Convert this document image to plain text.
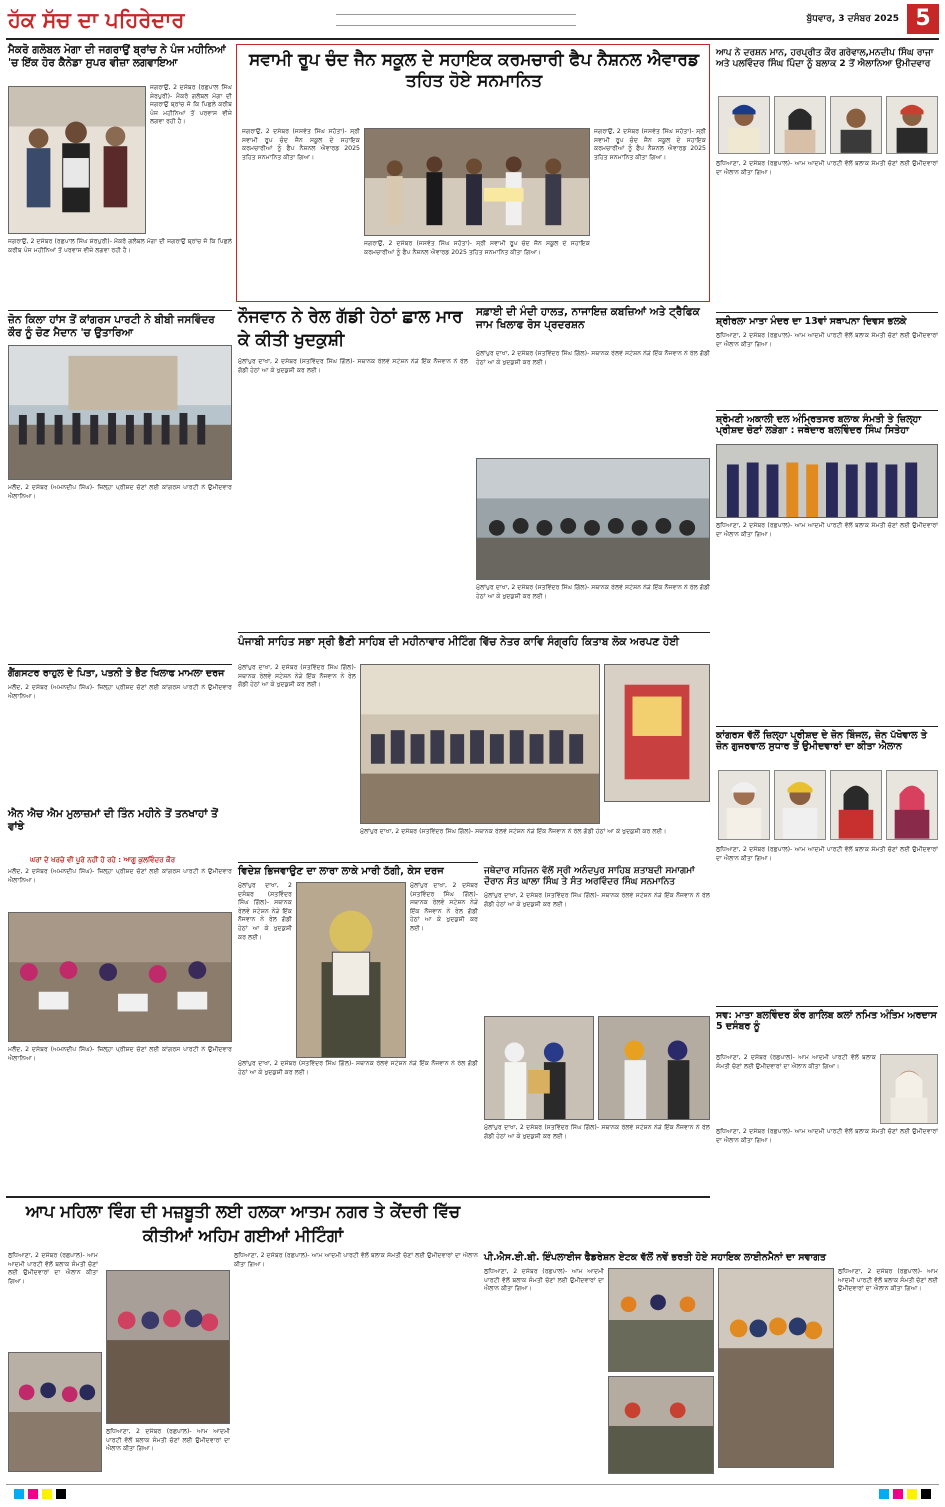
ਹੱਕ ਸੱਚ ਦਾ ਪਹਿਰੇਦਾਰ	ਬੁੱਧਵਾਰ, 3 ਦਸੰਬਰ 2025 5
ਮੈਕਰੋ ਗਲੋਬਲ ਮੋਗਾ ਦੀ ਜਗਰਾਉਂ ਬ੍ਰਾਂਚ ਨੇ ਪੰਜ ਮਹੀਨਿਆਂ 'ਚ ਇੱਕ ਹੋਰ ਕੈਨੇਡਾ ਸੁਪਰ ਵੀਜ਼ਾ ਲਗਵਾਇਆ
ਜਗਰਾਉਂ, 2 ਦਸੰਬਰ (ਰਛਪਾਲ ਸਿੰਘ ਸ਼ੇਰਪੁਰੀ)- ਮੈਕਰੋ ਗਲੋਬਲ ਮੋਗਾ ਦੀ ਜਗਰਾਉਂ ਬ੍ਰਾਂਚ ਜੋ ਕਿ ਪਿਛਲੇ ਕਰੀਬ ਪੰਜ ਮਹੀਨਿਆਂ ਤੋਂ ਪਰਵਾਸ ਵੀਜ਼ੇ ਲਗਵਾ ਰਹੀ ਹੈ।
ਜਗਰਾਉਂ, 2 ਦਸੰਬਰ (ਰਛਪਾਲ ਸਿੰਘ ਸ਼ੇਰਪੁਰੀ)- ਮੈਕਰੋ ਗਲੋਬਲ ਮੋਗਾ ਦੀ ਜਗਰਾਉਂ ਬ੍ਰਾਂਚ ਜੋ ਕਿ ਪਿਛਲੇ ਕਰੀਬ ਪੰਜ ਮਹੀਨਿਆਂ ਤੋਂ ਪਰਵਾਸ ਵੀਜ਼ੇ ਲਗਵਾ ਰਹੀ ਹੈ।
ਜ਼ੋਨ ਕਿਲਾ ਹਾਂਸ ਤੋਂ ਕਾਂਗਰਸ ਪਾਰਟੀ ਨੇ ਬੀਬੀ ਜਸਵਿੰਦਰ ਕੌਰ ਨੂੰ ਚੋਣ ਮੈਦਾਨ 'ਚ ਉਤਾਰਿਆ
ਮਲੌਦ, 2 ਦਸੰਬਰ (ਅਮਨਦੀਪ ਸਿੰਘ)- ਜ਼ਿਲ੍ਹਾ ਪ੍ਰੀਸ਼ਦ ਚੋਣਾਂ ਲਈ ਕਾਂਗਰਸ ਪਾਰਟੀ ਨੇ ਉਮੀਦਵਾਰ ਐਲਾਨਿਆ।
ਗੈਂਗਸਟਰ ਰਾਹੁਲ ਦੇ ਪਿਤਾ, ਪਤਨੀ ਤੇ ਭੈਣ ਖਿਲਾਫ ਮਾਮਲਾ ਦਰਜ
ਮਲੌਦ, 2 ਦਸੰਬਰ (ਅਮਨਦੀਪ ਸਿੰਘ)- ਜ਼ਿਲ੍ਹਾ ਪ੍ਰੀਸ਼ਦ ਚੋਣਾਂ ਲਈ ਕਾਂਗਰਸ ਪਾਰਟੀ ਨੇ ਉਮੀਦਵਾਰ ਐਲਾਨਿਆ।
ਐਨ ਐਚ ਐਮ ਮੁਲਾਜ਼ਮਾਂ ਦੀ ਤਿੰਨ ਮਹੀਨੇ ਤੋਂ ਤਨਖਾਹਾਂ ਤੋਂ ਵਾਂਝੇ
ਘਰਾਂ ਦੇ ਖਰਚੇ ਵੀ ਪੂਰੇ ਨਹੀਂ ਹੋ ਰਹੇ : ਆਗੂ ਕੁਲਵਿੰਦਰ ਕੌਰ
ਮਲੌਦ, 2 ਦਸੰਬਰ (ਅਮਨਦੀਪ ਸਿੰਘ)- ਜ਼ਿਲ੍ਹਾ ਪ੍ਰੀਸ਼ਦ ਚੋਣਾਂ ਲਈ ਕਾਂਗਰਸ ਪਾਰਟੀ ਨੇ ਉਮੀਦਵਾਰ ਐਲਾਨਿਆ।
ਮਲੌਦ, 2 ਦਸੰਬਰ (ਅਮਨਦੀਪ ਸਿੰਘ)- ਜ਼ਿਲ੍ਹਾ ਪ੍ਰੀਸ਼ਦ ਚੋਣਾਂ ਲਈ ਕਾਂਗਰਸ ਪਾਰਟੀ ਨੇ ਉਮੀਦਵਾਰ ਐਲਾਨਿਆ।
ਸਵਾਮੀ ਰੂਪ ਚੰਦ ਜੈਨ ਸਕੂਲ ਦੇ ਸਹਾਇਕ ਕਰਮਚਾਰੀ ਫੈਪ ਨੈਸ਼ਨਲ ਐਵਾਰਡ ਤਹਿਤ ਹੋਏ ਸਨਮਾਨਿਤ
ਜਗਰਾਉਂ, 2 ਦਸੰਬਰ (ਜਸਵੰਤ ਸਿੰਘ ਸਹੋਤਾ)- ਸ੍ਰੀ ਸਵਾਮੀ ਰੂਪ ਚੰਦ ਜੈਨ ਸਕੂਲ ਦੇ ਸਹਾਇਕ ਕਰਮਚਾਰੀਆਂ ਨੂੰ ਫੈਪ ਨੈਸ਼ਨਲ ਐਵਾਰਡ 2025 ਤਹਿਤ ਸਨਮਾਨਿਤ ਕੀਤਾ ਗਿਆ।
ਜਗਰਾਉਂ, 2 ਦਸੰਬਰ (ਜਸਵੰਤ ਸਿੰਘ ਸਹੋਤਾ)- ਸ੍ਰੀ ਸਵਾਮੀ ਰੂਪ ਚੰਦ ਜੈਨ ਸਕੂਲ ਦੇ ਸਹਾਇਕ ਕਰਮਚਾਰੀਆਂ ਨੂੰ ਫੈਪ ਨੈਸ਼ਨਲ ਐਵਾਰਡ 2025 ਤਹਿਤ ਸਨਮਾਨਿਤ ਕੀਤਾ ਗਿਆ।
ਜਗਰਾਉਂ, 2 ਦਸੰਬਰ (ਜਸਵੰਤ ਸਿੰਘ ਸਹੋਤਾ)- ਸ੍ਰੀ ਸਵਾਮੀ ਰੂਪ ਚੰਦ ਜੈਨ ਸਕੂਲ ਦੇ ਸਹਾਇਕ ਕਰਮਚਾਰੀਆਂ ਨੂੰ ਫੈਪ ਨੈਸ਼ਨਲ ਐਵਾਰਡ 2025 ਤਹਿਤ ਸਨਮਾਨਿਤ ਕੀਤਾ ਗਿਆ।
ਨੌਜਵਾਨ ਨੇ ਰੇਲ ਗੱਡੀ ਹੇਠਾਂ ਛਾਲ ਮਾਰ ਕੇ ਕੀਤੀ ਖੁਦਕੁਸ਼ੀ
ਮੁੱਲਾਂਪੁਰ ਦਾਖਾ, 2 ਦਸੰਬਰ (ਸਤਵਿੰਦਰ ਸਿੰਘ ਗਿੱਲ)- ਸਥਾਨਕ ਰੇਲਵੇ ਸਟੇਸ਼ਨ ਨੇੜੇ ਇੱਕ ਨੌਜਵਾਨ ਨੇ ਰੇਲ ਗੱਡੀ ਹੇਠਾਂ ਆ ਕੇ ਖੁਦਕੁਸ਼ੀ ਕਰ ਲਈ।
ਸਫ਼ਾਈ ਦੀ ਮੰਦੀ ਹਾਲਤ, ਨਾਜਾਇਜ਼ ਕਬਜ਼ਿਆਂ ਅਤੇ ਟ੍ਰੈਫਿਕ ਜਾਮ ਖਿਲਾਫ ਰੋਸ ਪ੍ਰਦਰਸ਼ਨ
ਮੁੱਲਾਂਪੁਰ ਦਾਖਾ, 2 ਦਸੰਬਰ (ਸਤਵਿੰਦਰ ਸਿੰਘ ਗਿੱਲ)- ਸਥਾਨਕ ਰੇਲਵੇ ਸਟੇਸ਼ਨ ਨੇੜੇ ਇੱਕ ਨੌਜਵਾਨ ਨੇ ਰੇਲ ਗੱਡੀ ਹੇਠਾਂ ਆ ਕੇ ਖੁਦਕੁਸ਼ੀ ਕਰ ਲਈ।
ਮੁੱਲਾਂਪੁਰ ਦਾਖਾ, 2 ਦਸੰਬਰ (ਸਤਵਿੰਦਰ ਸਿੰਘ ਗਿੱਲ)- ਸਥਾਨਕ ਰੇਲਵੇ ਸਟੇਸ਼ਨ ਨੇੜੇ ਇੱਕ ਨੌਜਵਾਨ ਨੇ ਰੇਲ ਗੱਡੀ ਹੇਠਾਂ ਆ ਕੇ ਖੁਦਕੁਸ਼ੀ ਕਰ ਲਈ।
ਪੰਜਾਬੀ ਸਾਹਿਤ ਸਭਾ ਸ੍ਰੀ ਭੈਣੀ ਸਾਹਿਬ ਦੀ ਮਹੀਨਾਵਾਰ ਮੀਟਿੰਗ ਵਿੱਚ ਨੇਤਰ ਕਾਵਿ ਸੰਗ੍ਰਹਿ ਕਿਤਾਬ ਲੋਕ ਅਰਪਣ ਹੋਈ
ਮੁੱਲਾਂਪੁਰ ਦਾਖਾ, 2 ਦਸੰਬਰ (ਸਤਵਿੰਦਰ ਸਿੰਘ ਗਿੱਲ)- ਸਥਾਨਕ ਰੇਲਵੇ ਸਟੇਸ਼ਨ ਨੇੜੇ ਇੱਕ ਨੌਜਵਾਨ ਨੇ ਰੇਲ ਗੱਡੀ ਹੇਠਾਂ ਆ ਕੇ ਖੁਦਕੁਸ਼ੀ ਕਰ ਲਈ।
ਮੁੱਲਾਂਪੁਰ ਦਾਖਾ, 2 ਦਸੰਬਰ (ਸਤਵਿੰਦਰ ਸਿੰਘ ਗਿੱਲ)- ਸਥਾਨਕ ਰੇਲਵੇ ਸਟੇਸ਼ਨ ਨੇੜੇ ਇੱਕ ਨੌਜਵਾਨ ਨੇ ਰੇਲ ਗੱਡੀ ਹੇਠਾਂ ਆ ਕੇ ਖੁਦਕੁਸ਼ੀ ਕਰ ਲਈ।
ਵਿਦੇਸ਼ ਭਿਜਵਾਉਣ ਦਾ ਲਾਰਾ ਲਾਕੇ ਮਾਰੀ ਠੱਗੀ, ਕੇਸ ਦਰਜ
ਮੁੱਲਾਂਪੁਰ ਦਾਖਾ, 2 ਦਸੰਬਰ (ਸਤਵਿੰਦਰ ਸਿੰਘ ਗਿੱਲ)- ਸਥਾਨਕ ਰੇਲਵੇ ਸਟੇਸ਼ਨ ਨੇੜੇ ਇੱਕ ਨੌਜਵਾਨ ਨੇ ਰੇਲ ਗੱਡੀ ਹੇਠਾਂ ਆ ਕੇ ਖੁਦਕੁਸ਼ੀ ਕਰ ਲਈ।
ਮੁੱਲਾਂਪੁਰ ਦਾਖਾ, 2 ਦਸੰਬਰ (ਸਤਵਿੰਦਰ ਸਿੰਘ ਗਿੱਲ)- ਸਥਾਨਕ ਰੇਲਵੇ ਸਟੇਸ਼ਨ ਨੇੜੇ ਇੱਕ ਨੌਜਵਾਨ ਨੇ ਰੇਲ ਗੱਡੀ ਹੇਠਾਂ ਆ ਕੇ ਖੁਦਕੁਸ਼ੀ ਕਰ ਲਈ।
ਮੁੱਲਾਂਪੁਰ ਦਾਖਾ, 2 ਦਸੰਬਰ (ਸਤਵਿੰਦਰ ਸਿੰਘ ਗਿੱਲ)- ਸਥਾਨਕ ਰੇਲਵੇ ਸਟੇਸ਼ਨ ਨੇੜੇ ਇੱਕ ਨੌਜਵਾਨ ਨੇ ਰੇਲ ਗੱਡੀ ਹੇਠਾਂ ਆ ਕੇ ਖੁਦਕੁਸ਼ੀ ਕਰ ਲਈ।
ਜਥੇਦਾਰ ਸਹਿਜਨ ਵੱਲੋਂ ਸ੍ਰੀ ਅਨੰਦਪੁਰ ਸਾਹਿਬ ਸ਼ਤਾਬਦੀ ਸਮਾਗਮਾਂ ਦੌਰਾਨ ਸੰਤ ਘਾਲਾ ਸਿੰਘ ਤੇ ਸੰਤ ਅਰਵਿੰਦਰ ਸਿੰਘ ਸਨਮਾਨਿਤ
ਮੁੱਲਾਂਪੁਰ ਦਾਖਾ, 2 ਦਸੰਬਰ (ਸਤਵਿੰਦਰ ਸਿੰਘ ਗਿੱਲ)- ਸਥਾਨਕ ਰੇਲਵੇ ਸਟੇਸ਼ਨ ਨੇੜੇ ਇੱਕ ਨੌਜਵਾਨ ਨੇ ਰੇਲ ਗੱਡੀ ਹੇਠਾਂ ਆ ਕੇ ਖੁਦਕੁਸ਼ੀ ਕਰ ਲਈ।
ਮੁੱਲਾਂਪੁਰ ਦਾਖਾ, 2 ਦਸੰਬਰ (ਸਤਵਿੰਦਰ ਸਿੰਘ ਗਿੱਲ)- ਸਥਾਨਕ ਰੇਲਵੇ ਸਟੇਸ਼ਨ ਨੇੜੇ ਇੱਕ ਨੌਜਵਾਨ ਨੇ ਰੇਲ ਗੱਡੀ ਹੇਠਾਂ ਆ ਕੇ ਖੁਦਕੁਸ਼ੀ ਕਰ ਲਈ।
ਆਪ ਨੇ ਦਰਸ਼ਨ ਮਾਨ, ਹਰਪ੍ਰੀਤ ਕੌਰ ਗਰੇਵਾਲ,ਮਨਦੀਪ ਸਿੰਘ ਰਾਜਾ ਅਤੇ ਪਲਵਿੰਦਰ ਸਿੰਘ ਪਿੰਦਾ ਨੂੰ ਬਲਾਕ 2 ਤੋਂ ਐਲਾਨਿਆ ਉਮੀਦਵਾਰ
ਲੁਧਿਆਣਾ, 2 ਦਸੰਬਰ (ਰਛਪਾਲ)- ਆਮ ਆਦਮੀ ਪਾਰਟੀ ਵੱਲੋਂ ਬਲਾਕ ਸੰਮਤੀ ਚੋਣਾਂ ਲਈ ਉਮੀਦਵਾਰਾਂ ਦਾ ਐਲਾਨ ਕੀਤਾ ਗਿਆ।
ਸ਼੍ਰੀਰਲਾ ਮਾਤਾ ਮੰਦਰ ਦਾ 13ਵਾਂ ਸਥਾਪਨਾ ਦਿਵਸ ਭਲਕੇ
ਲੁਧਿਆਣਾ, 2 ਦਸੰਬਰ (ਰਛਪਾਲ)- ਆਮ ਆਦਮੀ ਪਾਰਟੀ ਵੱਲੋਂ ਬਲਾਕ ਸੰਮਤੀ ਚੋਣਾਂ ਲਈ ਉਮੀਦਵਾਰਾਂ ਦਾ ਐਲਾਨ ਕੀਤਾ ਗਿਆ।
ਸ਼੍ਰੋਮਣੀ ਅਕਾਲੀ ਦਲ ਅੰਮ੍ਰਿਤਸਰ ਬਲਾਕ ਸੰਮਤੀ ਤੇ ਜ਼ਿਲ੍ਹਾ ਪ੍ਰੀਸ਼ਦ ਚੋਣਾਂ ਲੜੇਗਾ : ਜਥੇਦਾਰ ਬਲਵਿੰਦਰ ਸਿੰਘ ਸਿਤੇਹਾ
ਲੁਧਿਆਣਾ, 2 ਦਸੰਬਰ (ਰਛਪਾਲ)- ਆਮ ਆਦਮੀ ਪਾਰਟੀ ਵੱਲੋਂ ਬਲਾਕ ਸੰਮਤੀ ਚੋਣਾਂ ਲਈ ਉਮੀਦਵਾਰਾਂ ਦਾ ਐਲਾਨ ਕੀਤਾ ਗਿਆ।
ਕਾਂਗਰਸ ਵੱਲੋਂ ਜ਼ਿਲ੍ਹਾ ਪ੍ਰੀਸ਼ਦ ਦੇ ਜ਼ੋਨ ਬਿੰਜਲ, ਜ਼ੋਨ ਪੱਖੋਵਾਲ ਤੇ ਜ਼ੋਨ ਗੁਜਰਵਾਲ ਸੁਧਾਰ ਤੋਂ ਉਮੀਦਵਾਰਾਂ ਦਾ ਕੀਤਾ ਐਲਾਨ
ਲੁਧਿਆਣਾ, 2 ਦਸੰਬਰ (ਰਛਪਾਲ)- ਆਮ ਆਦਮੀ ਪਾਰਟੀ ਵੱਲੋਂ ਬਲਾਕ ਸੰਮਤੀ ਚੋਣਾਂ ਲਈ ਉਮੀਦਵਾਰਾਂ ਦਾ ਐਲਾਨ ਕੀਤਾ ਗਿਆ।
ਸਵ: ਮਾਤਾ ਬਲਵਿੰਦਰ ਕੌਰ ਗਾਲਿਬ ਕਲਾਂ ਨਮਿਤ ਅੰਤਿਮ ਅਰਦਾਸ 5 ਦਸੰਬਰ ਨੂੰ
ਲੁਧਿਆਣਾ, 2 ਦਸੰਬਰ (ਰਛਪਾਲ)- ਆਮ ਆਦਮੀ ਪਾਰਟੀ ਵੱਲੋਂ ਬਲਾਕ ਸੰਮਤੀ ਚੋਣਾਂ ਲਈ ਉਮੀਦਵਾਰਾਂ ਦਾ ਐਲਾਨ ਕੀਤਾ ਗਿਆ।
ਲੁਧਿਆਣਾ, 2 ਦਸੰਬਰ (ਰਛਪਾਲ)- ਆਮ ਆਦਮੀ ਪਾਰਟੀ ਵੱਲੋਂ ਬਲਾਕ ਸੰਮਤੀ ਚੋਣਾਂ ਲਈ ਉਮੀਦਵਾਰਾਂ ਦਾ ਐਲਾਨ ਕੀਤਾ ਗਿਆ।
ਆਪ ਮਹਿਲਾ ਵਿੰਗ ਦੀ ਮਜ਼ਬੂਤੀ ਲਈ ਹਲਕਾ ਆਤਮ ਨਗਰ ਤੇ ਕੇਂਦਰੀ ਵਿੱਚ ਕੀਤੀਆਂ ਅਹਿਮ ਗਈਆਂ ਮੀਟਿੰਗਾਂ
ਲੁਧਿਆਣਾ, 2 ਦਸੰਬਰ (ਰਛਪਾਲ)- ਆਮ ਆਦਮੀ ਪਾਰਟੀ ਵੱਲੋਂ ਬਲਾਕ ਸੰਮਤੀ ਚੋਣਾਂ ਲਈ ਉਮੀਦਵਾਰਾਂ ਦਾ ਐਲਾਨ ਕੀਤਾ ਗਿਆ।
ਲੁਧਿਆਣਾ, 2 ਦਸੰਬਰ (ਰਛਪਾਲ)- ਆਮ ਆਦਮੀ ਪਾਰਟੀ ਵੱਲੋਂ ਬਲਾਕ ਸੰਮਤੀ ਚੋਣਾਂ ਲਈ ਉਮੀਦਵਾਰਾਂ ਦਾ ਐਲਾਨ ਕੀਤਾ ਗਿਆ।
ਲੁਧਿਆਣਾ, 2 ਦਸੰਬਰ (ਰਛਪਾਲ)- ਆਮ ਆਦਮੀ ਪਾਰਟੀ ਵੱਲੋਂ ਬਲਾਕ ਸੰਮਤੀ ਚੋਣਾਂ ਲਈ ਉਮੀਦਵਾਰਾਂ ਦਾ ਐਲਾਨ ਕੀਤਾ ਗਿਆ।
ਪੀ.ਐਸ.ਈ.ਬੀ. ਇੰਪਲਾਈਜ ਫੈਡਰੇਸ਼ਨ ਏਟਕ ਵੱਲੋਂ ਨਵੇਂ ਭਰਤੀ ਹੋਏ ਸਹਾਇਕ ਲਾਈਨਮੈਨਾਂ ਦਾ ਸਵਾਗਤ
ਲੁਧਿਆਣਾ, 2 ਦਸੰਬਰ (ਰਛਪਾਲ)- ਆਮ ਆਦਮੀ ਪਾਰਟੀ ਵੱਲੋਂ ਬਲਾਕ ਸੰਮਤੀ ਚੋਣਾਂ ਲਈ ਉਮੀਦਵਾਰਾਂ ਦਾ ਐਲਾਨ ਕੀਤਾ ਗਿਆ।
ਲੁਧਿਆਣਾ, 2 ਦਸੰਬਰ (ਰਛਪਾਲ)- ਆਮ ਆਦਮੀ ਪਾਰਟੀ ਵੱਲੋਂ ਬਲਾਕ ਸੰਮਤੀ ਚੋਣਾਂ ਲਈ ਉਮੀਦਵਾਰਾਂ ਦਾ ਐਲਾਨ ਕੀਤਾ ਗਿਆ।
